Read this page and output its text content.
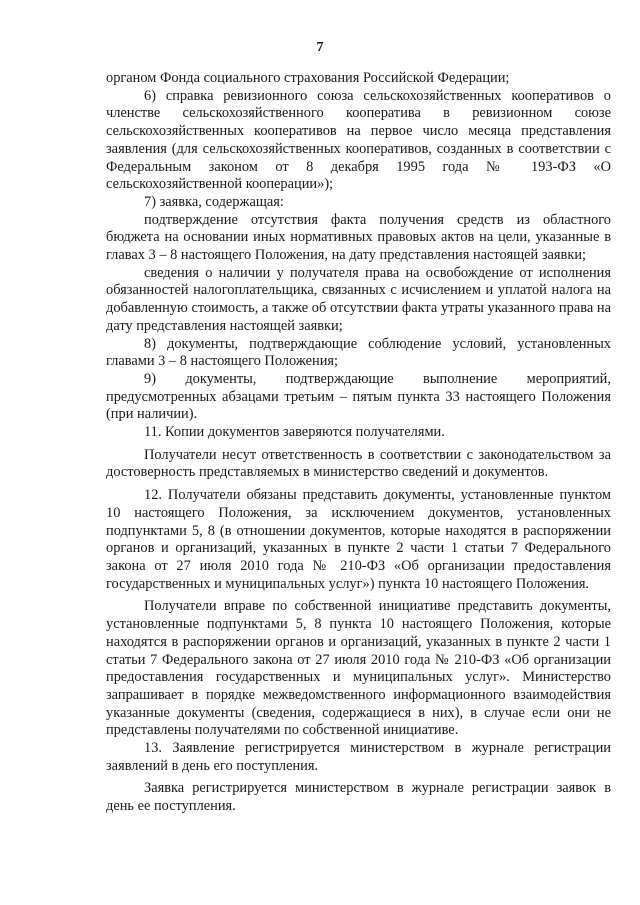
7

органом Фонда социального страхования Российской Федерации;

6) справка ревизионного союза сельскохозяйственных кооперативов о членстве сельскохозяйственного кооператива в ревизионном союзе сельскохозяйственных кооперативов на первое число месяца представления заявления (для сельскохозяйственных кооперативов, созданных в соответствии с Федеральным законом от 8 декабря 1995 года № 193-ФЗ «О сельскохозяйственной кооперации»);

7) заявка, содержащая:

подтверждение отсутствия факта получения средств из областного бюджета на основании иных нормативных правовых актов на цели, указанные в главах 3 – 8 настоящего Положения, на дату представления настоящей заявки;

сведения о наличии у получателя права на освобождение от исполнения обязанностей налогоплательщика, связанных с исчислением и уплатой налога на добавленную стоимость, а также об отсутствии факта утраты указанного права на дату представления настоящей заявки;

8) документы, подтверждающие соблюдение условий, установленных главами 3 – 8 настоящего Положения;

9) документы, подтверждающие выполнение мероприятий, предусмотренных абзацами третьим – пятым пункта 33 настоящего Положения (при наличии).

11. Копии документов заверяются получателями.

Получатели несут ответственность в соответствии с законодательством за достоверность представляемых в министерство сведений и документов.

12. Получатели обязаны представить документы, установленные пунктом 10 настоящего Положения, за исключением документов, установленных подпунктами 5, 8 (в отношении документов, которые находятся в распоряжении органов и организаций, указанных в пункте 2 части 1 статьи 7 Федерального закона от 27 июля 2010 года № 210-ФЗ «Об организации предоставления государственных и муниципальных услуг») пункта 10 настоящего Положения.

Получатели вправе по собственной инициативе представить документы, установленные подпунктами 5, 8 пункта 10 настоящего Положения, которые находятся в распоряжении органов и организаций, указанных в пункте 2 части 1 статьи 7 Федерального закона от 27 июля 2010 года № 210-ФЗ «Об организации предоставления государственных и муниципальных услуг». Министерство запрашивает в порядке межведомственного информационного взаимодействия указанные документы (сведения, содержащиеся в них), в случае если они не представлены получателями по собственной инициативе.

13. Заявление регистрируется министерством в журнале регистрации заявлений в день его поступления.

Заявка регистрируется министерством в журнале регистрации заявок в день ее поступления.
